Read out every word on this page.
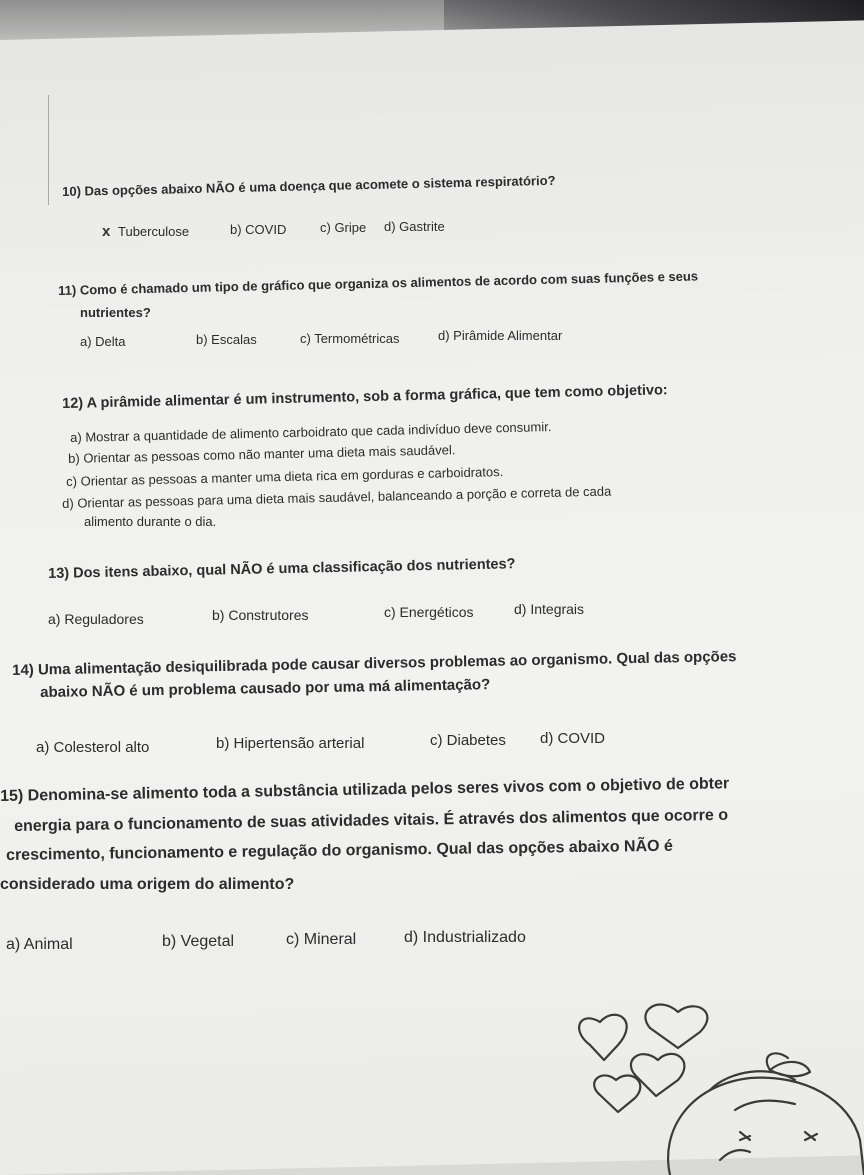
10) Das opções abaixo NÃO é uma doença que acomete o sistema respiratório?
x Tuberculose	b) COVID	c) Gripe d) Gastrite
11) Como é chamado um tipo de gráfico que organiza os alimentos de acordo com suas funções e seus
nutrientes?
a) Delta	b) Escalas	c) Termométricas	d) Pirâmide Alimentar
12) A pirâmide alimentar é um instrumento, sob a forma gráfica, que tem como objetivo:
a) Mostrar a quantidade de alimento carboidrato que cada indivíduo deve consumir.
b) Orientar as pessoas como não manter uma dieta mais saudável.
c) Orientar as pessoas a manter uma dieta rica em gorduras e carboidratos.
d) Orientar as pessoas para uma dieta mais saudável, balanceando a porção e correta de cada
alimento durante o dia.
13) Dos itens abaixo, qual NÃO é uma classificação dos nutrientes?
a) Reguladores	b) Construtores	c) Energéticos	d) Integrais
14) Uma alimentação desiquilibrada pode causar diversos problemas ao organismo. Qual das opções
abaixo NÃO é um problema causado por uma má alimentação?
a) Colesterol alto	b) Hipertensão arterial	c) Diabetes d) COVID
15) Denomina-se alimento toda a substância utilizada pelos seres vivos com o objetivo de obter
energia para o funcionamento de suas atividades vitais. É através dos alimentos que ocorre o
crescimento, funcionamento e regulação do organismo. Qual das opções abaixo NÃO é
considerado uma origem do alimento?
a) Animal	b) Vegetal	c) Mineral	d) Industrializado
